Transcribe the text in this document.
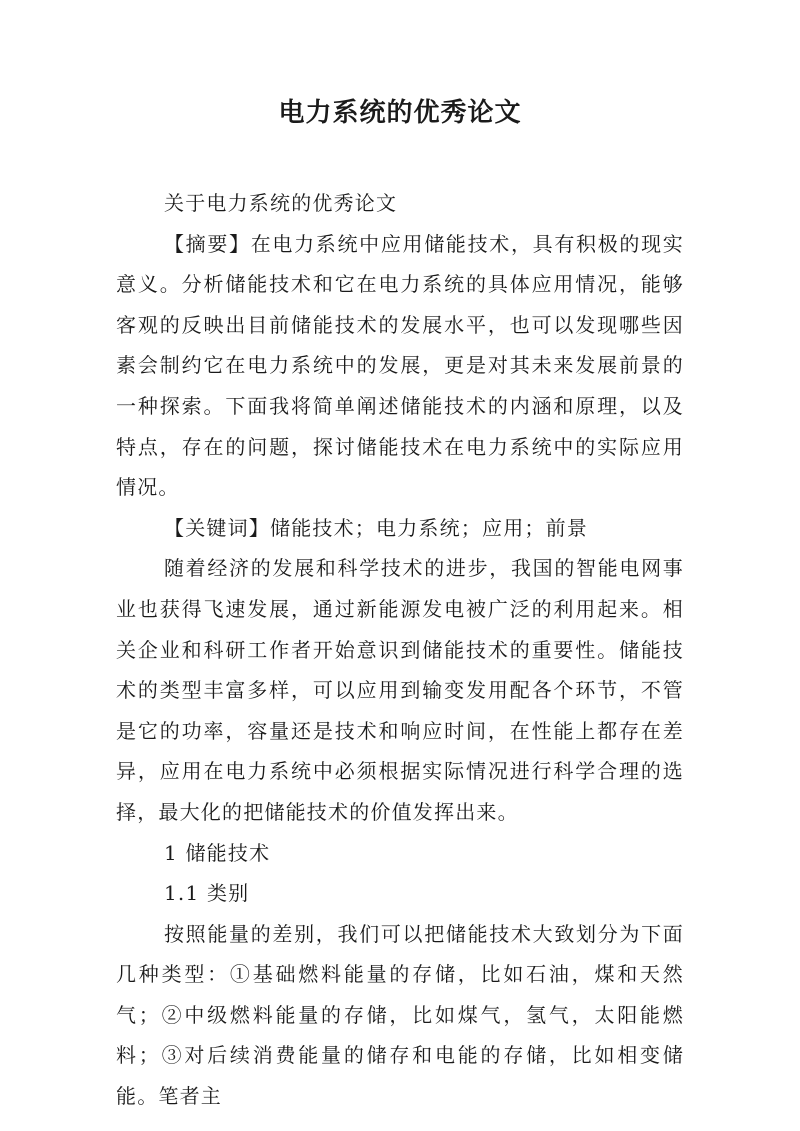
电力系统的优秀论文

关于电力系统的优秀论文

【摘要】在电力系统中应用储能技术，具有积极的现实意义。分析储能技术和它在电力系统的具体应用情况，能够客观的反映出目前储能技术的发展水平，也可以发现哪些因素会制约它在电力系统中的发展，更是对其未来发展前景的一种探索。下面我将简单阐述储能技术的内涵和原理，以及特点，存在的问题，探讨储能技术在电力系统中的实际应用情况。

【关键词】储能技术；电力系统；应用；前景

随着经济的发展和科学技术的进步，我国的智能电网事业也获得飞速发展，通过新能源发电被广泛的利用起来。相关企业和科研工作者开始意识到储能技术的重要性。储能技术的类型丰富多样，可以应用到输变发用配各个环节，不管是它的功率，容量还是技术和响应时间，在性能上都存在差异，应用在电力系统中必须根据实际情况进行科学合理的选择，最大化的把储能技术的价值发挥出来。

1 储能技术

1.1 类别

按照能量的差别，我们可以把储能技术大致划分为下面几种类型：①基础燃料能量的存储，比如石油，煤和天然气；②中级燃料能量的存储，比如煤气，氢气，太阳能燃料；③对后续消费能量的储存和电能的存储，比如相变储能。笔者主
